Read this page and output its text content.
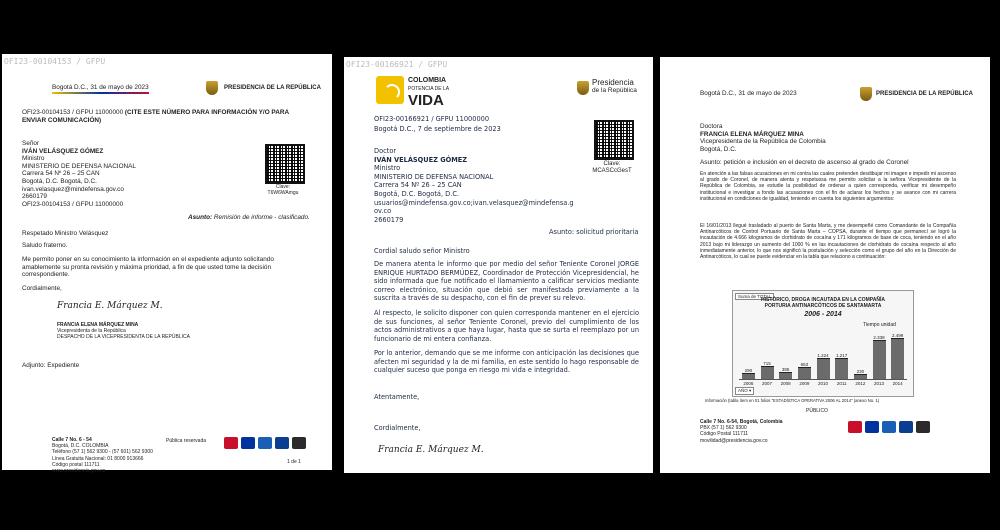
OFI23-00104153 / GFPU
Bogotá D.C., 31 de mayo de 2023	PRESIDENCIA DE LA REPÚBLICA
OFI23-00104153 / GFPU 11000000 (CITE ESTE NÚMERO PARA INFORMACIÓN Y/O PARA ENVIAR COMUNICACIÓN)
Señor
IVÁN VELÁSQUEZ GÓMEZ
Ministro
MINISTERIO DE DEFENSA NACIONAL
Carrera 54 Nº 26 – 25 CAN
Bogotá, D.C. Bogotá, D.C.
ivan.velasquez@mindefensa.gov.co
2660179
OFI23-00104153 / GFPU 11000000
Clave:
T6W6WAmgu
Asunto: Remisión de informe - clasificado.
Respetado Ministro Velásquez
Saludo fraterno.
Me permito poner en su conocimiento la información en el expediente adjunto solicitando amablemente su pronta revisión y máxima prioridad, a fin de que usted tome la decisión correspondiente.
Cordialmente,
Francia E. Márquez M.
FRANCIA ELENA MÁRQUEZ MINA
Vicepresidenta de la República
DESPACHO DE LA VICEPRESIDENTA DE LA REPÚBLICA
Adjunto: Expediente
Calle 7 No. 6 - 54
Bogotá, D.C. COLOMBIA
Teléfono (57 1) 562 9300 - (57 601) 562 9300
Línea Gratuita Nacional: 01 8000 913666
Código postal 111711
www.presidencia.gov.co
Pública reservada
1 de 1
OFI23-00166921 / GFPU
COLOMBIA
POTENCIA DE LA
VIDA
Presidencia
de la República
OFI23-00166921 / GFPU 11000000
Bogotá D.C., 7 de septiembre de 2023
Clave:
MCASCcGesT
Doctor
IVÁN VELÁSQUEZ GÓMEZ
Ministro
MINISTERIO DE DEFENSA NACIONAL
Carrera 54 Nº 26 – 25 CAN
Bogotá, D.C. Bogotá, D.C.
usuarios@mindefensa.gov.co;ivan.velasquez@mindefensa.g
ov.co
2660179
Asunto: solicitud prioritaria
Cordial saludo señor Ministro
De manera atenta le informo que por medio del señor Teniente Coronel JORGE ENRIQUE HURTADO BERMÚDEZ, Coordinador de Protección Vicepresidencial, he sido informada que fue notificado el llamamiento a calificar servicios mediante correo electrónico, situación que debió ser manifestada previamente a la suscrita a través de su despacho, con el fin de prever su relevo.
Al respecto, le solicito disponer con quien corresponda mantener en el ejercicio de sus funciones, al señor Teniente Coronel, previo del cumplimiento de los actos administrativos a que haya lugar, hasta que se surta el reemplazo por un funcionario de mi entera confianza.
Por lo anterior, demando que se me informe con anticipación las decisiones que afecten mi seguridad y la de mi familia, en este sentido lo hago responsable de cualquier suceso que ponga en riesgo mi vida e integridad.
Atentamente,
Cordialmente,
Francia E. Márquez M.
Bogotá D.C., 31 de mayo de 2023	PRESIDENCIA DE LA REPÚBLICA
Doctora
FRANCIA ELENA MÁRQUEZ MINA
Vicepresidenta de la República de Colombia
Bogotá, D.C.
Asunto: petición e inclusión en el decreto de ascenso al grado de Coronel
En atención a las falsas acusaciones en mi contra las cuales pretenden desdibujar mi imagen e impedir mi ascenso al grado de Coronel, de manera atenta y respetuosa me permito solicitar a la señora Vicepresidente de la República de Colombia, se estudie la posibilidad de ordenar a quien corresponda, verificar mi desempeño institucional e investigar a fondo las acusaciones con el fin de aclarar los hechos y se avance con mi carrera institucional en condiciones de igualdad, teniendo en cuenta los siguientes argumentos:
El 16/01/2013 llegué trasladado al puerto de Santa Marta, y me desempeñé como Comandante de la Compañía Antinarcóticos de Control Portuario de Santa Marta – COPSA, durante el tiempo que permanecí se logró la incautación de 4.666 kilogramos de clorhidrato de cocaína y 171 kilogramos de base de coca, teniendo en el año 2013 bajo mi liderazgo un aumento del 1000 % en las incautaciones de clorhidrato de cocaína respecto al año inmediatamente anterior, lo que nos significó la postulación y selección como el grupo del año en la Dirección de Antinarcóticos, lo cual se puede evidenciar en la tabla que relaciono a continuación:
Suma de TOTAL
HISTÓRICO, DROGA INCAUTADA EN LA COMPAÑÍA PORTURIA ANTINARCÓTICOS DE SANTAMARTA
2006 - 2014
Tiempo unidad
290
2006
715
2007
385
2008
653
2009
1.224
2010
1.217
2011
230
2012
2.338
2013
2.499
2014
AÑO ▾
Información (tabla ítem en 01 folios "ESTADÍSTICA OPERATIVA 2006 AL 2014" (anexo No. 1)
Calle 7 No. 6-54, Bogotá, Colombia
PBX (57 1) 562 9300
Código Postal 111711
movilidad@presidencia.gov.co
PÚBLICO
